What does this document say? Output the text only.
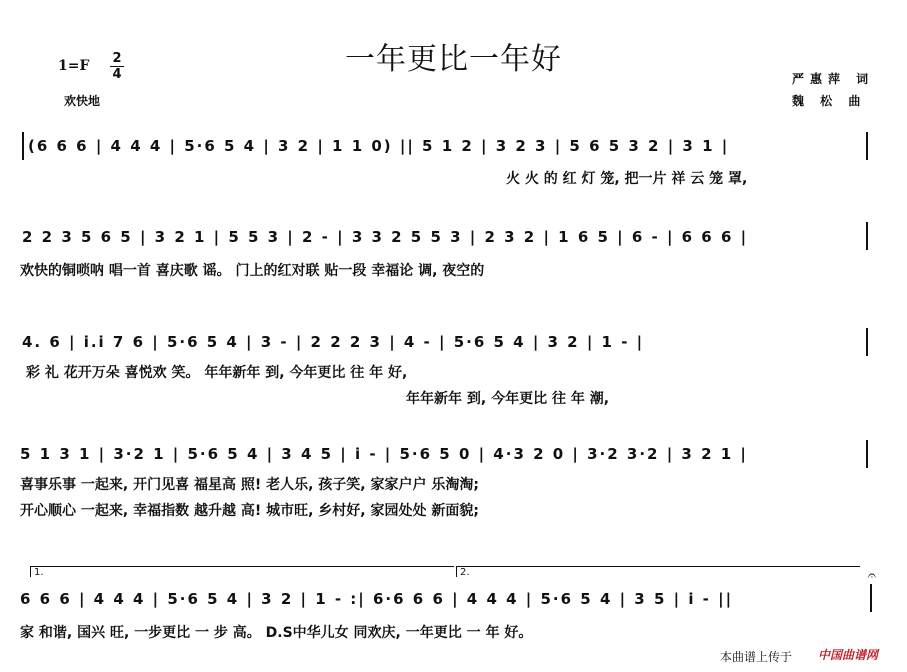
一年更比一年好
1=F 2
4
欢快地
严惠萍 词
魏 松 曲
(6 6 6 | 4 4 4 | 5·6 5 4 | 3 2 | 1 1 0) || 5 1 2 | 3 2 3 | 5 6 5 3 2 | 3 1 |
火 火 的 红 灯 笼, 把一片 祥 云 笼 罩,
2 2 3 5 6 5 | 3 2 1 | 5 5 3 | 2 - | 3 3 2 5 5 3 | 2 3 2 | 1 6 5 | 6 - | 6 6 6 |
欢快的铜唢呐 唱一首 喜庆歌 谣。 门上的红对联 贴一段 幸福论 调, 夜空的
4. 6 | i.i 7 6 | 5·6 5 4 | 3 - | 2 2 2 3 | 4 - | 5·6 5 4 | 3 2 | 1 - |
彩 礼 花开万朵 喜悦欢 笑。 年年新年 到, 今年更比 往 年 好,
年年新年 到, 今年更比 往 年 潮,
5 1 3 1 | 3·2 1 | 5·6 5 4 | 3 4 5 | i - | 5·6 5 0 | 4·3 2 0 | 3·2 3·2 | 3 2 1 |
喜事乐事 一起来, 开门见喜 福星高 照! 老人乐, 孩子笑, 家家户户 乐淘淘;
开心顺心 一起来, 幸福指数 越升越 高! 城市旺, 乡村好, 家园处处 新面貌;
1.	2.	𝄐
6 6 6 | 4 4 4 | 5·6 5 4 | 3 2 | 1 - :| 6·6 6 6 | 4 4 4 | 5·6 5 4 | 3 5 | i - ||
家 和谐, 国兴 旺, 一步更比 一 步 高。 D.S中华儿女 同欢庆, 一年更比 一 年 好。
本曲谱上传于 中国曲谱网
